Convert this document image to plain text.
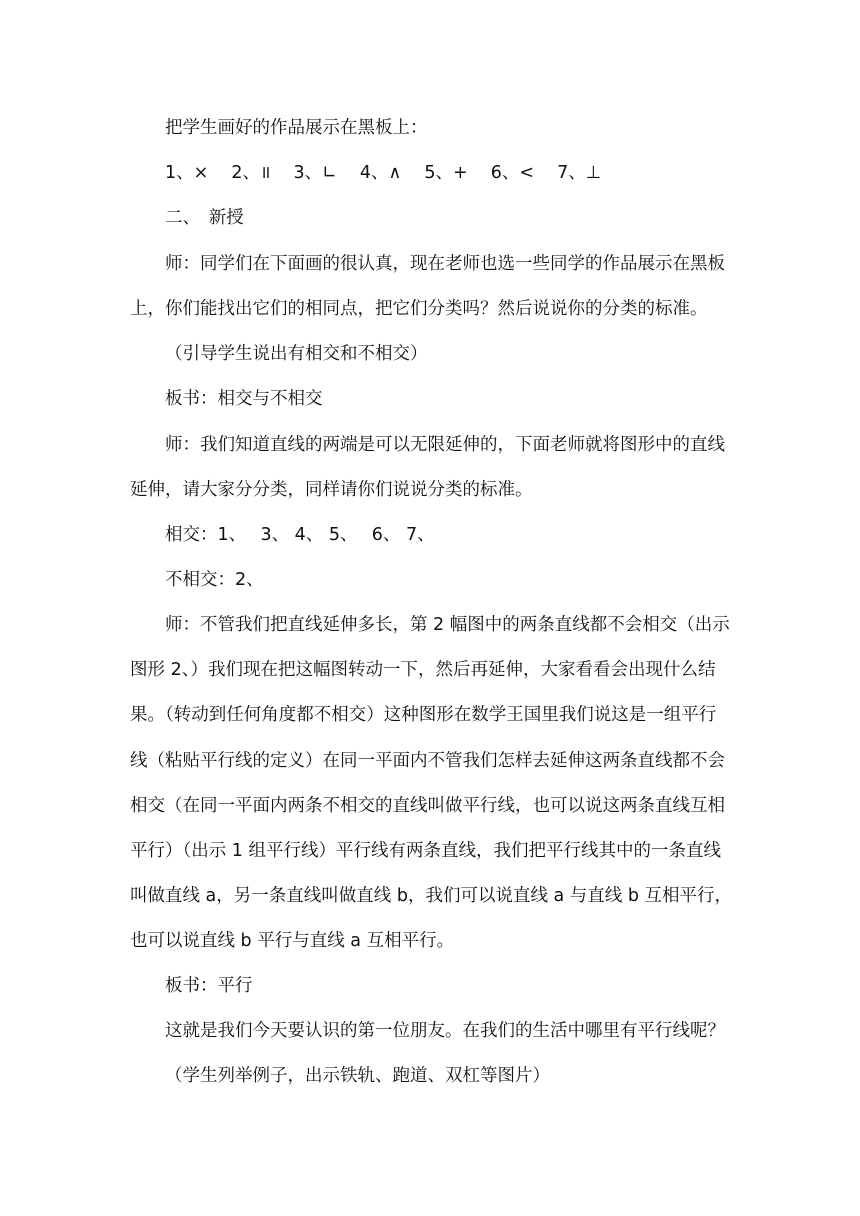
把学生画好的作品展示在黑板上：
1、×　 2、॥　 3、∟　 4、∧　 5、+　 6、<　 7、⊥
二、　新授
师：同学们在下面画的很认真，现在老师也选一些同学的作品展示在黑板
上，你们能找出它们的相同点，把它们分类吗？然后说说你的分类的标准。
（引导学生说出有相交和不相交）
板书：相交与不相交
师：我们知道直线的两端是可以无限延伸的，下面老师就将图形中的直线
延伸，请大家分分类，同样请你们说说分类的标准。
相交：1、　 3、 4、 5、　 6、 7、
不相交：2、
师：不管我们把直线延伸多长，第 2 幅图中的两条直线都不会相交（出示
图形 2、）我们现在把这幅图转动一下，然后再延伸，大家看看会出现什么结
果。（转动到任何角度都不相交）这种图形在数学王国里我们说这是一组平行
线（粘贴平行线的定义）在同一平面内不管我们怎样去延伸这两条直线都不会
相交（在同一平面内两条不相交的直线叫做平行线，也可以说这两条直线互相
平行）（出示 1 组平行线）平行线有两条直线，我们把平行线其中的一条直线
叫做直线 a，另一条直线叫做直线 b，我们可以说直线 a 与直线 b 互相平行，
也可以说直线 b 平行与直线 a 互相平行。
板书：平行
这就是我们今天要认识的第一位朋友。在我们的生活中哪里有平行线呢？
（学生列举例子，出示铁轨、跑道、双杠等图片）
